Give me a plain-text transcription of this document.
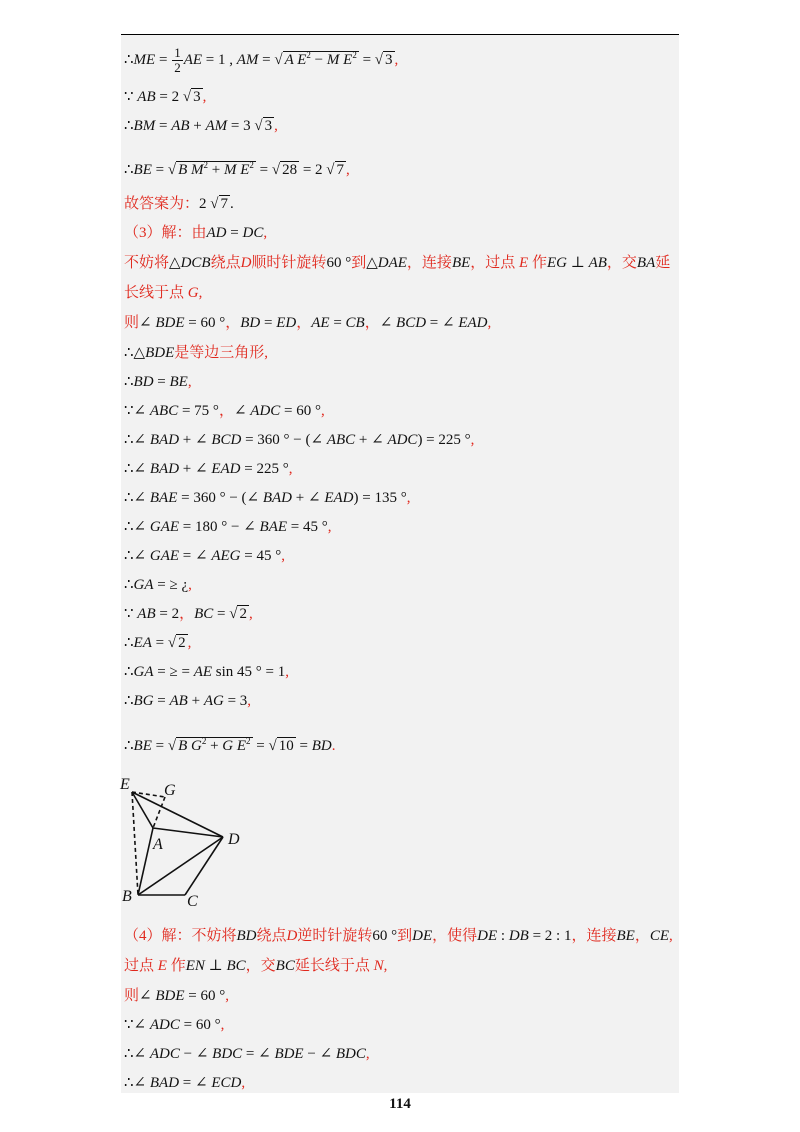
∴ME = $\frac{1}{2}$ AE = 1 , AM = √ A $E^2 - M$ $E^2$ = √ 3 ,
∵ AB = 2 √ 3 ,
∴BM = AB + AM = 3 √ 3 ,
∴BE = √ B $M^2 + M$ $E^2$ = √ 28 = 2 √ 7 ,
故答案为：2 √ 7 .
（3）解：由AD = DC,
不妨将△DCB绕点D顺时针旋转60 °到△DAE，连接BE，过点 E 作EG ⊥ AB，交BA延
长线于点 G,
则∠ BDE = 60 °，BD = ED，AE = CB，∠ BCD = ∠ EAD,
∴△BDE是等边三角形,
∴BD = BE,
∵∠ ABC = 75 °，∠ ADC = 60 °,
∴∠ BAD + ∠ BCD = 360 ° − (∠ ABC + ∠ ADC) = 225 °,
∴∠ BAD + ∠ EAD = 225 °,
∴∠ BAE = 360 ° − (∠ BAD + ∠ EAD) = 135 °,
∴∠ GAE = 180 ° − ∠ BAE = 45 °,
∴∠ GAE = ∠ AEG = 45 °,
∴GA = ≥ ¿,
∵ AB = 2，BC = √ 2 ,
∴EA = √ 2 ,
∴GA = ≥ = AE sin 45 ° = 1,
∴BG = AB + AG = 3,
∴BE = √ B $G^2 + G$ $E^2$ = √ 10 = BD.
E G
A	D
B	C
（4）解：不妨将BD绕点D逆时针旋转60 °到DE，使得DE : DB = 2 : 1，连接BE，CE,
过点 E 作EN ⊥ BC，交BC延长线于点 N,
则∠ BDE = 60 °,
∵∠ ADC = 60 °,
∴∠ ADC − ∠ BDC = ∠ BDE − ∠ BDC,
∴∠ BAD = ∠ ECD,
114
